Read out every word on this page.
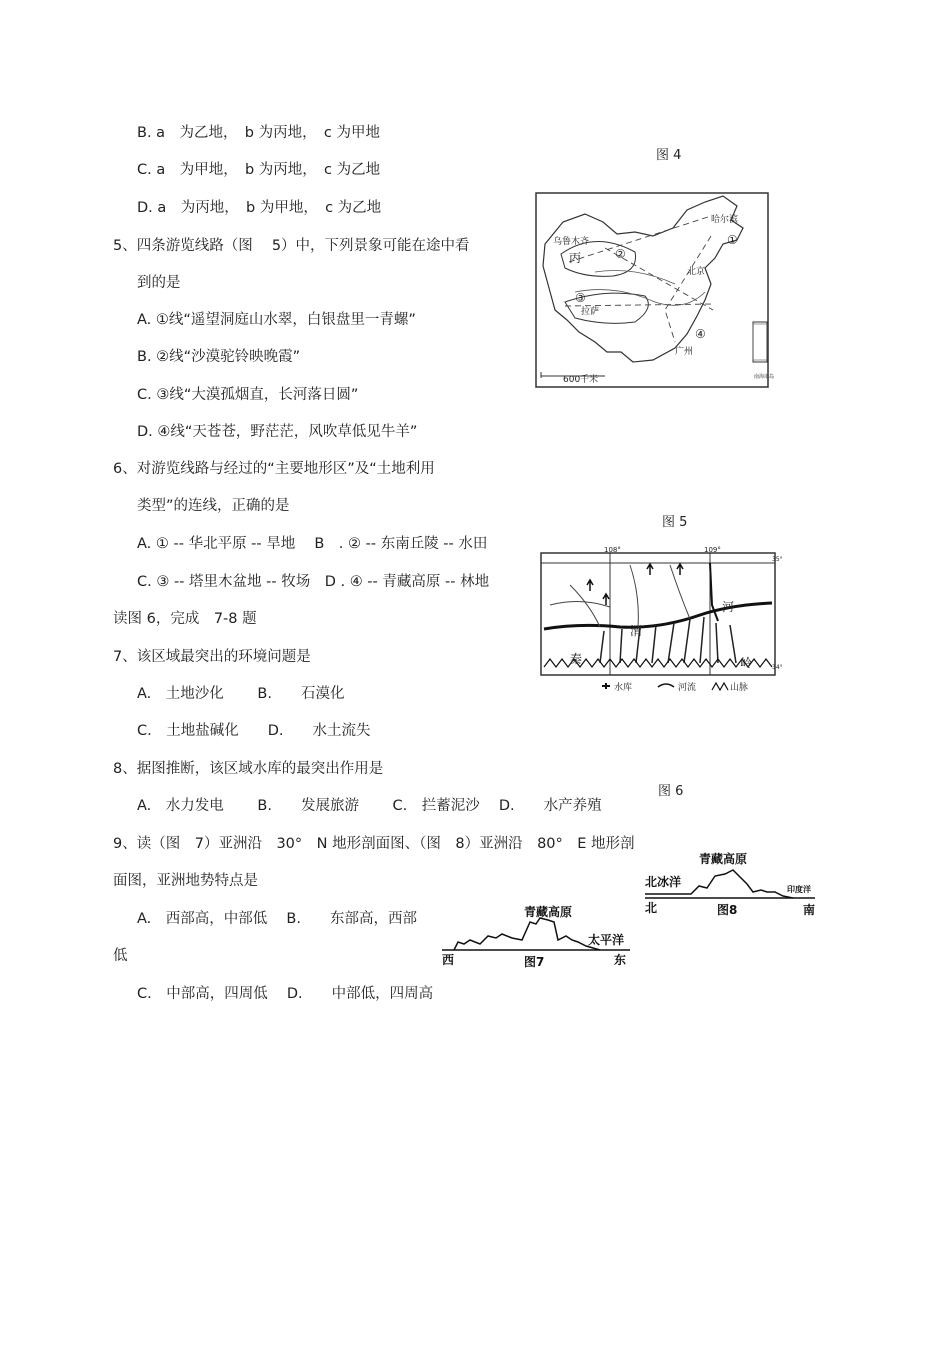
B. a　为乙地，　b 为丙地，　c 为甲地
C. a　为甲地，　b 为丙地，　c 为乙地
D. a　为丙地，　b 为甲地，　c 为乙地
5、四条游览线路（图　 5）中，下列景象可能在途中看
到的是
A. ①线“遥望洞庭山水翠，白银盘里一青螺”
B. ②线“沙漠驼铃映晚霞”
C. ③线“大漠孤烟直，长河落日圆”
D. ④线“天苍苍，野茫茫，风吹草低见牛羊”
6、对游览线路与经过的“主要地形区”及“土地利用
类型”的连线，正确的是
A. ① -- 华北平原 -- 旱地　 B　. ② -- 东南丘陵 -- 水田
C. ③ -- 塔里木盆地 -- 牧场　D . ④ -- 青藏高原 -- 林地
读图 6，完成　7-8 题
7、该区域最突出的环境问题是
A.　土地沙化　　 B.　　石漠化
C.　土地盐碱化　　D.　　水土流失
8、据图推断，该区域水库的最突出作用是
A.　水力发电　　 B.　　发展旅游　　 C.　拦蓄泥沙　 D.　　水产养殖
9、读（图　7）亚洲沿　30°　N 地形剖面图、（图　8）亚洲沿　80°　E 地形剖
面图，亚洲地势特点是
A.　西部高，中部低　 B.　　东部高，西部
低
C.　中部高，四周低　 D.　　中部低，四周高
图 4
图 5
图 6
哈尔滨
乌鲁木齐
北京
拉萨
广州
丙
①
②
③
④
600千米	南海诸岛
108°	109°
35°
34°
渭
河
秦	岭
水库	河流	山脉
青藏高原
太平洋
西	图7	东
青藏高原
北冰洋
印度洋
北	图8	南
